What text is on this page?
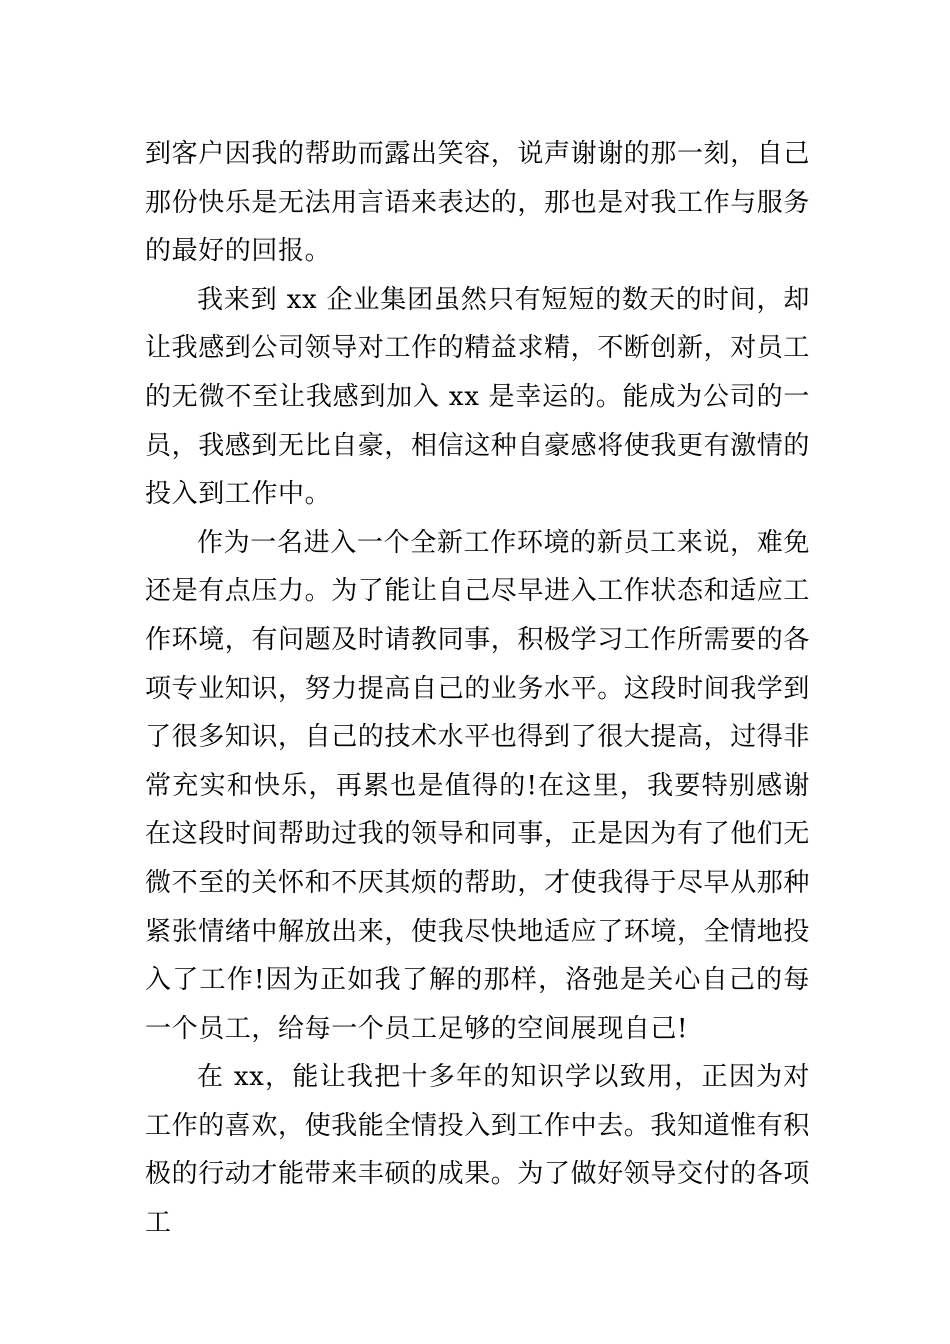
到客户因我的帮助而露出笑容，说声谢谢的那一刻，自己那份快乐是无法用言语来表达的，那也是对我工作与服务的最好的回报。

我来到 xx 企业集团虽然只有短短的数天的时间，却让我感到公司领导对工作的精益求精，不断创新，对员工的无微不至让我感到加入 xx 是幸运的。能成为公司的一员，我感到无比自豪，相信这种自豪感将使我更有激情的投入到工作中。

作为一名进入一个全新工作环境的新员工来说，难免还是有点压力。为了能让自己尽早进入工作状态和适应工作环境，有问题及时请教同事，积极学习工作所需要的各项专业知识，努力提高自己的业务水平。这段时间我学到了很多知识，自己的技术水平也得到了很大提高，过得非常充实和快乐，再累也是值得的!在这里，我要特别感谢在这段时间帮助过我的领导和同事，正是因为有了他们无微不至的关怀和不厌其烦的帮助，才使我得于尽早从那种紧张情绪中解放出来，使我尽快地适应了环境，全情地投入了工作!因为正如我了解的那样，洛弛是关心自己的每一个员工，给每一个员工足够的空间展现自己!

在 xx，能让我把十多年的知识学以致用，正因为对工作的喜欢，使我能全情投入到工作中去。我知道惟有积极的行动才能带来丰硕的成果。为了做好领导交付的各项工
